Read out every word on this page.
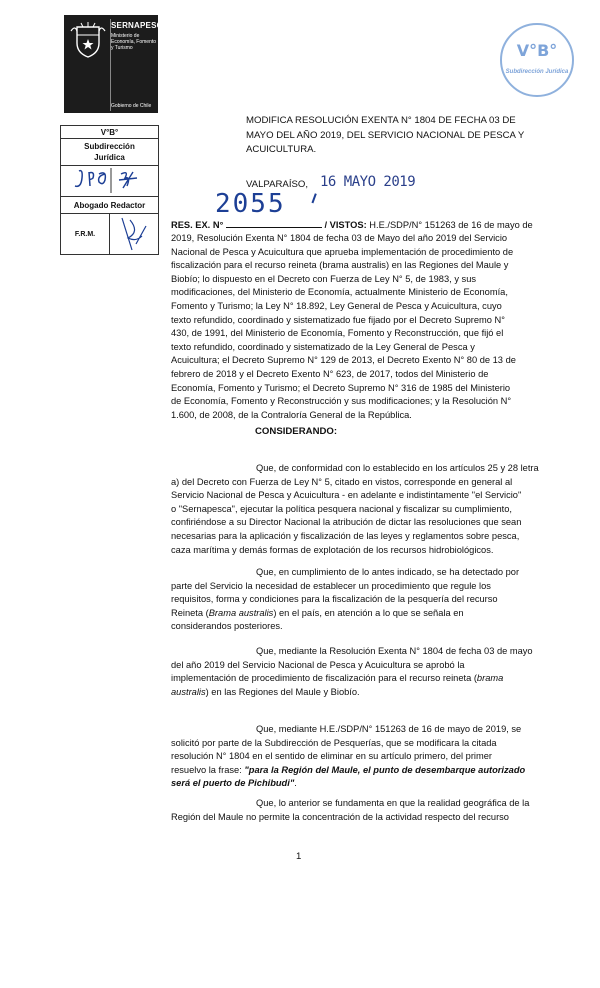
SERNAPESCA
Ministerio de Economía, Fomento y Turismo
Gobierno de Chile
V°B°
Subdirección Jurídica
V°B°
Subdirección
Jurídica

Abogado Redactor

F.R.M.
MODIFICA RESOLUCIÓN EXENTA N° 1804 DE FECHA 03 DE
MAYO DEL AÑO 2019, DEL SERVICIO NACIONAL DE PESCA Y
ACUICULTURA.
VALPARAÍSO, 16 MAYO 2019
2055
RES. EX. N°	/ VISTOS: H.E./SDP/N° 151263 de 16 de mayo de
2019, Resolución Exenta N° 1804 de fecha 03 de Mayo del año 2019 del Servicio
Nacional de Pesca y Acuicultura que aprueba implementación de procedimiento de
fiscalización para el recurso reineta (brama australis) en las Regiones del Maule y
Biobío; lo dispuesto en el Decreto con Fuerza de Ley N° 5, de 1983, y sus
modificaciones, del Ministerio de Economía, actualmente Ministerio de Economía,
Fomento y Turismo; la Ley N° 18.892, Ley General de Pesca y Acuicultura, cuyo
texto refundido, coordinado y sistematizado fue fijado por el Decreto Supremo N°
430, de 1991, del Ministerio de Economía, Fomento y Reconstrucción, que fijó el
texto refundido, coordinado y sistematizado de la Ley General de Pesca y
Acuicultura; el Decreto Supremo N° 129 de 2013, el Decreto Exento N° 80 de 13 de
febrero de 2018 y el Decreto Exento N° 623, de 2017, todos del Ministerio de
Economía, Fomento y Turismo; el Decreto Supremo N° 316 de 1985 del Ministerio
de Economía, Fomento y Reconstrucción y sus modificaciones; y la Resolución N°
1.600, de 2008, de la Contraloría General de la República.
CONSIDERANDO:
Que, de conformidad con lo establecido en los artículos 25 y 28 letra
a) del Decreto con Fuerza de Ley N° 5, citado en vistos, corresponde en general al
Servicio Nacional de Pesca y Acuicultura - en adelante e indistintamente "el Servicio"
o "Sernapesca", ejecutar la política pesquera nacional y fiscalizar su cumplimiento,
confiriéndose a su Director Nacional la atribución de dictar las resoluciones que sean
necesarias para la aplicación y fiscalización de las leyes y reglamentos sobre pesca,
caza marítima y demás formas de explotación de los recursos hidrobiológicos.
Que, en cumplimiento de lo antes indicado, se ha detectado por
parte del Servicio la necesidad de establecer un procedimiento que regule los
requisitos, forma y condiciones para la fiscalización de la pesquería del recurso
Reineta (Brama australis) en el país, en atención a lo que se señala en
considerandos posteriores.
Que, mediante la Resolución Exenta N° 1804 de fecha 03 de mayo
del año 2019 del Servicio Nacional de Pesca y Acuicultura se aprobó la
implementación de procedimiento de fiscalización para el recurso reineta (brama
australis) en las Regiones del Maule y Biobío.
Que, mediante H.E./SDP/N° 151263 de 16 de mayo de 2019, se
solicitó por parte de la Subdirección de Pesquerías, que se modificara la citada
resolución N° 1804 en el sentido de eliminar en su artículo primero, del primer
resuelvo la frase: "para la Región del Maule, el punto de desembarque autorizado
será el puerto de Pichibudi".
Que, lo anterior se fundamenta en que la realidad geográfica de la
Región del Maule no permite la concentración de la actividad respecto del recurso
1
